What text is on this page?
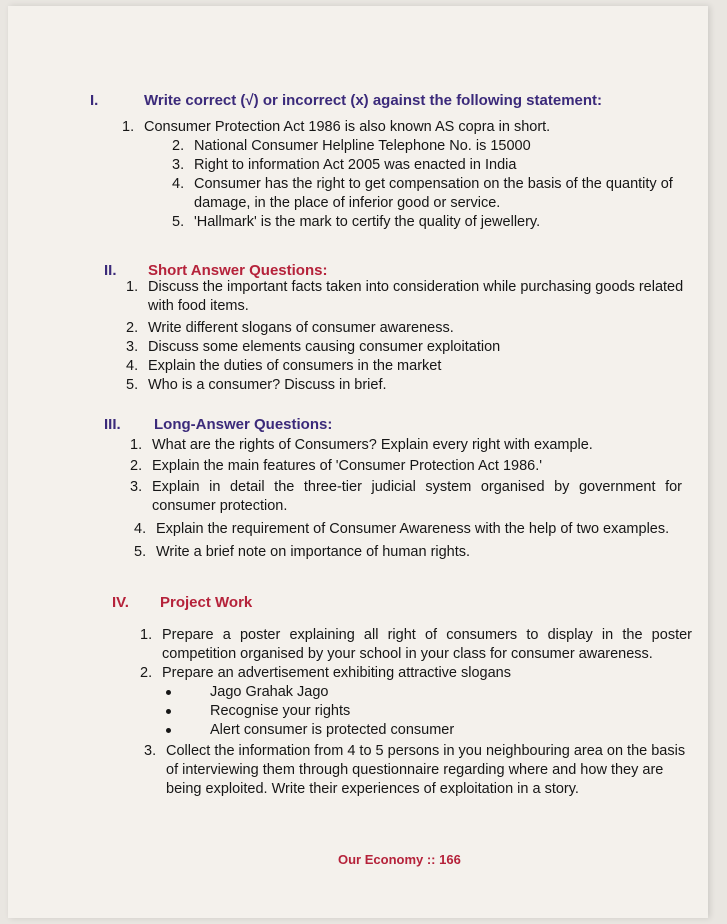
I.	Write correct (√) or incorrect (x) against the following statement:
1. Consumer Protection Act 1986 is also known AS copra in short.
2. National Consumer Helpline Telephone No. is 15000
3. Right to information Act 2005 was enacted in India
4. Consumer has the right to get compensation on the basis of the quantity of damage, in the place of inferior good or service.
5. 'Hallmark' is the mark to certify the quality of jewellery.
II. Short Answer Questions:
1. Discuss the important facts taken into consideration while purchasing goods related with food items.
2. Write different slogans of consumer awareness.
3. Discuss some elements causing consumer exploitation
4. Explain the duties of consumers in the market
5. Who is a consumer? Discuss in brief.
III. Long-Answer Questions:
1. What are the rights of Consumers? Explain every right with example.
2. Explain the main features of 'Consumer Protection Act 1986.'
3. Explain in detail the three-tier judicial system organised by government for consumer protection.
4. Explain the requirement of Consumer Awareness with the help of two examples.
5. Write a brief note on importance of human rights.
IV. Project Work
1. Prepare a poster explaining all right of consumers to display in the poster competition organised by your school in your class for consumer awareness.
2. Prepare an advertisement exhibiting attractive slogans
Jago Grahak Jago
Recognise your rights
Alert consumer is protected consumer
3. Collect the information from 4 to 5 persons in you neighbouring area on the basis of interviewing them through questionnaire regarding where and how they are being exploited. Write their experiences of exploitation in a story.
Our Economy :: 166
